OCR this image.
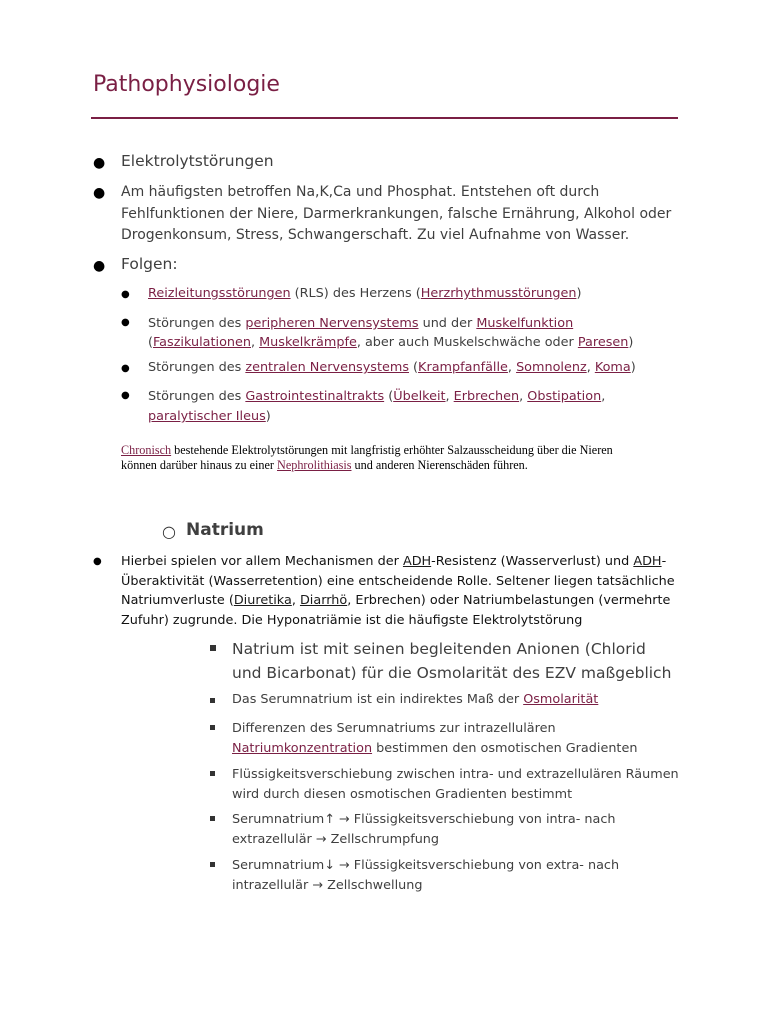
Pathophysiologie
● Elektrolytstörungen
● Am häufigsten betroffen Na,K,Ca und Phosphat. Entstehen oft durch Fehlfunktionen der Niere, Darmerkrankungen, falsche Ernährung, Alkohol oder Drogenkonsum, Stress, Schwangerschaft. Zu viel Aufnahme von Wasser.
● Folgen:
● Reizleitungsstörungen (RLS) des Herzens (Herzrhythmusstörungen)
● Störungen des peripheren Nervensystems und der Muskelfunktion
(Faszikulationen, Muskelkrämpfe, aber auch Muskelschwäche oder Paresen)
● Störungen des zentralen Nervensystems (Krampfanfälle, Somnolenz, Koma)
● Störungen des Gastrointestinaltrakts (Übelkeit, Erbrechen, Obstipation,
paralytischer Ileus)
Chronisch bestehende Elektrolytstörungen mit langfristig erhöhter Salzausscheidung über die Nieren
können darüber hinaus zu einer Nephrolithiasis und anderen Nierenschäden führen.
○ Natrium
● Hierbei spielen vor allem Mechanismen der ADH-Resistenz (Wasserverlust) und ADH-
Überaktivität (Wasserretention) eine entscheidende Rolle. Seltener liegen tatsächliche
Natriumverluste (Diuretika, Diarrhö, Erbrechen) oder Natriumbelastungen (vermehrte
Zufuhr) zugrunde. Die Hyponatriämie ist die häufigste Elektrolytstörung
Natrium ist mit seinen begleitenden Anionen (Chlorid und Bicarbonat) für die Osmolarität des EZV maßgeblich
Das Serumnatrium ist ein indirektes Maß der Osmolarität
Differenzen des Serumnatriums zur intrazellulären
Natriumkonzentration bestimmen den osmotischen Gradienten
Flüssigkeitsverschiebung zwischen intra- und extrazellulären Räumen wird durch diesen osmotischen Gradienten bestimmt
Serumnatrium↑ → Flüssigkeitsverschiebung von intra- nach
extrazellulär → Zellschrumpfung
Serumnatrium↓ → Flüssigkeitsverschiebung von extra- nach
intrazellulär → Zellschwellung
